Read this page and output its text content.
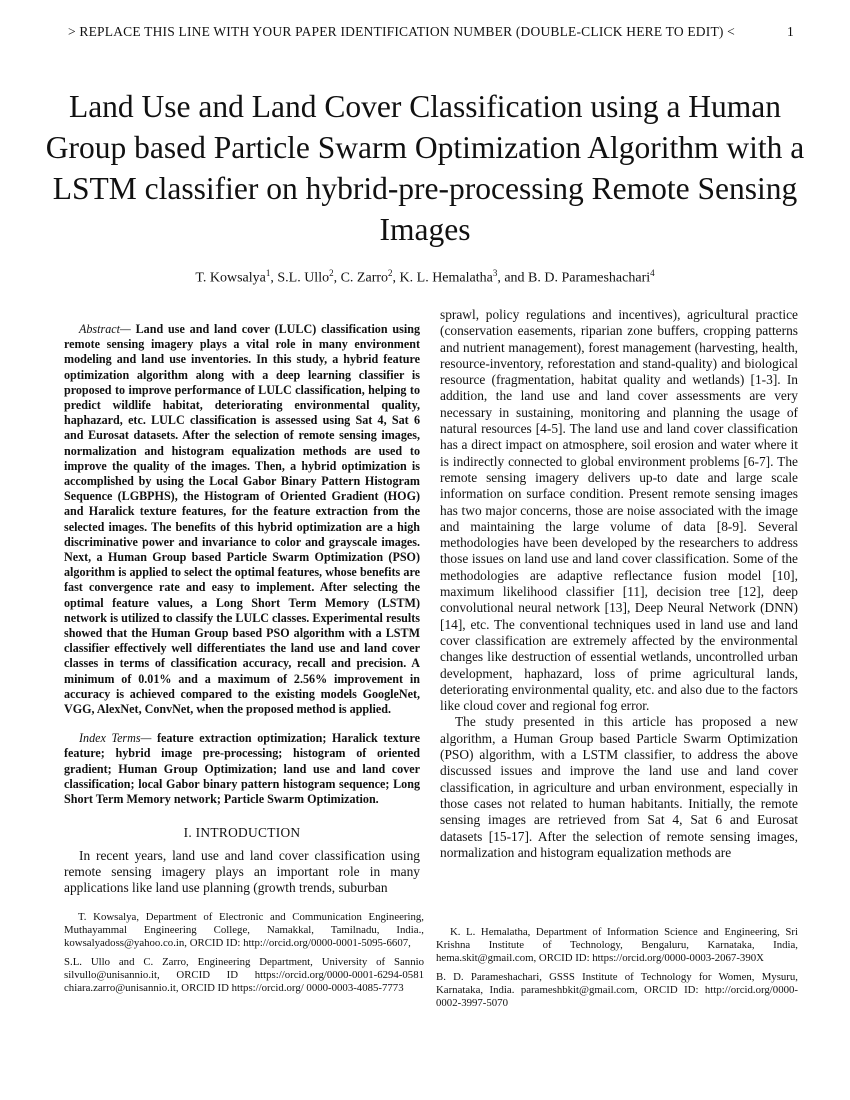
> REPLACE THIS LINE WITH YOUR PAPER IDENTIFICATION NUMBER (DOUBLE-CLICK HERE TO EDIT) <	1
Land Use and Land Cover Classification using a Human Group based Particle Swarm Optimization Algorithm with a LSTM classifier on hybrid-pre-processing Remote Sensing Images
T. Kowsalya$^1$, S.L. Ullo$^2$, C. Zarro$^2$, K. L. Hemalatha$^3$, and B. D. Parameshachari$^4$

Abstract— Land use and land cover (LULC) classification using remote sensing imagery plays a vital role in many environment modeling and land use inventories. In this study, a hybrid feature optimization algorithm along with a deep learning classifier is proposed to improve performance of LULC classification, helping to predict wildlife habitat, deteriorating environmental quality, haphazard, etc. LULC classification is assessed using Sat 4, Sat 6 and Eurosat datasets. After the selection of remote sensing images, normalization and histogram equalization methods are used to improve the quality of the images. Then, a hybrid optimization is accomplished by using the Local Gabor Binary Pattern Histogram Sequence (LGBPHS), the Histogram of Oriented Gradient (HOG) and Haralick texture features, for the feature extraction from the selected images. The benefits of this hybrid optimization are a high discriminative power and invariance to color and grayscale images. Next, a Human Group based Particle Swarm Optimization (PSO) algorithm is applied to select the optimal features, whose benefits are fast convergence rate and easy to implement. After selecting the optimal feature values, a Long Short Term Memory (LSTM) network is utilized to classify the LULC classes. Experimental results showed that the Human Group based PSO algorithm with a LSTM classifier effectively well differentiates the land use and land cover classes in terms of classification accuracy, recall and precision. A minimum of 0.01% and a maximum of 2.56% improvement in accuracy is achieved compared to the existing models GoogleNet, VGG, AlexNet, ConvNet, when the proposed method is applied.

Index Terms— feature extraction optimization; Haralick texture feature; hybrid image pre-processing; histogram of oriented gradient; Human Group Optimization; land use and land cover classification; local Gabor binary pattern histogram sequence; Long Short Term Memory network; Particle Swarm Optimization.

I. INTRODUCTION

In recent years, land use and land cover classification using remote sensing imagery plays an important role in many applications like land use planning (growth trends, suburban

sprawl, policy regulations and incentives), agricultural practice (conservation easements, riparian zone buffers, cropping patterns and nutrient management), forest management (harvesting, health, resource-inventory, reforestation and stand-quality) and biological resource (fragmentation, habitat quality and wetlands) [1-3]. In addition, the land use and land cover assessments are very necessary in sustaining, monitoring and planning the usage of natural resources [4-5]. The land use and land cover classification has a direct impact on atmosphere, soil erosion and water where it is indirectly connected to global environment problems [6-7]. The remote sensing imagery delivers up-to date and large scale information on surface condition. Present remote sensing images has two major concerns, those are noise associated with the image and maintaining the large volume of data [8-9]. Several methodologies have been developed by the researchers to address those issues on land use and land cover classification. Some of the methodologies are adaptive reflectance fusion model [10], maximum likelihood classifier [11], decision tree [12], deep convolutional neural network [13], Deep Neural Network (DNN) [14], etc. The conventional techniques used in land use and land cover classification are extremely affected by the environmental changes like destruction of essential wetlands, uncontrolled urban development, haphazard, loss of prime agricultural lands, deteriorating environmental quality, etc. and also due to the factors like cloud cover and regional fog error.

The study presented in this article has proposed a new algorithm, a Human Group based Particle Swarm Optimization (PSO) algorithm, with a LSTM classifier, to address the above discussed issues and improve the land use and land cover classification, in agriculture and urban environment, especially in those cases not related to human habitants. Initially, the remote sensing images are retrieved from Sat 4, Sat 6 and Eurosat datasets [15-17]. After the selection of remote sensing images, normalization and histogram equalization methods are

T. Kowsalya, Department of Electronic and Communication Engineering, Muthayammal Engineering College, Namakkal, Tamilnadu, India., kowsalyadoss@yahoo.co.in, ORCID ID: http://orcid.org/0000-0001-5095-6607,

S.L. Ullo and C. Zarro, Engineering Department, University of Sannio silvullo@unisannio.it, ORCID ID https://orcid.org/0000-0001-6294-0581 chiara.zarro@unisannio.it, ORCID ID https://orcid.org/ 0000-0003-4085-7773

K. L. Hemalatha, Department of Information Science and Engineering, Sri Krishna Institute of Technology, Bengaluru, Karnataka, India, hema.skit@gmail.com, ORCID ID: https://orcid.org/0000-0003-2067-390X

B. D. Parameshachari, GSSS Institute of Technology for Women, Mysuru, Karnataka, India. parameshbkit@gmail.com, ORCID ID: http://orcid.org/0000-0002-3997-5070
